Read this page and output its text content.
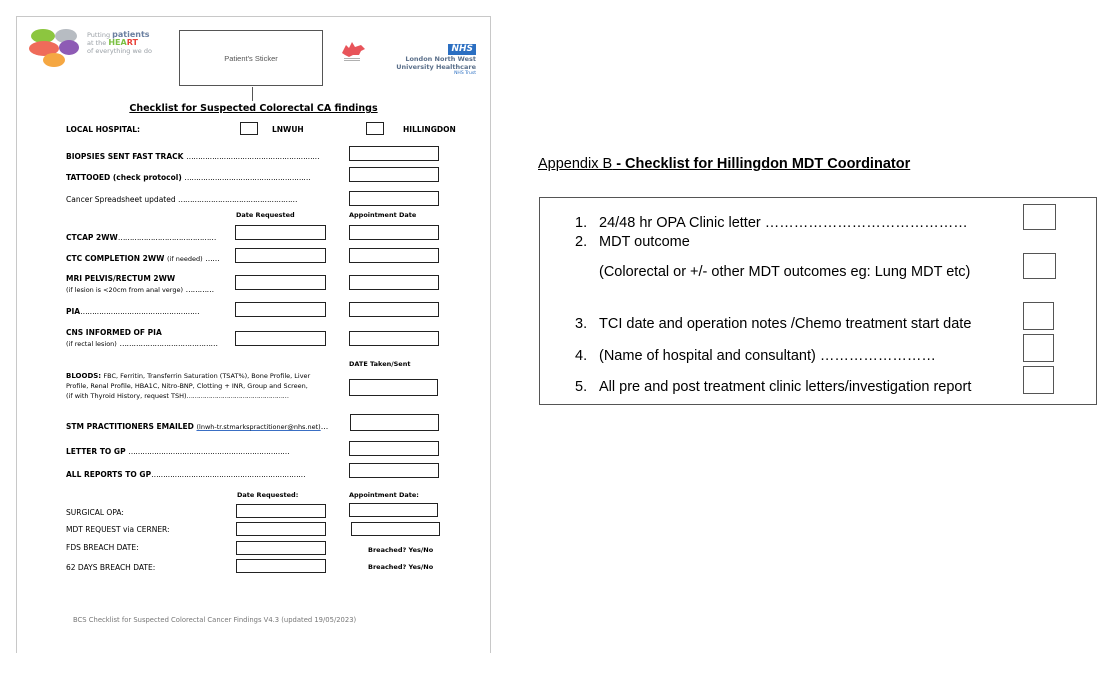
Putting patients
at the HEART
of everything we do
Patient's Sticker
NHS
London North West
University Healthcare
NHS Trust
Checklist for Suspected Colorectal CA findings
LOCAL HOSPITAL:	LNWUH	HILLINGDON
BIOPSIES SENT FAST TRACK …………………………………………………
TATTOOED (check protocol) ………………………………………………
Cancer Spreadsheet updated ……………………………………………
Date Requested	Appointment Date
CTCAP 2WW……………………………………
CTC COMPLETION 2WW (if needed) ……
MRI PELVIS/RECTUM 2WW
(if lesion is <20cm from anal verge) …………
PIA……………………………………………
CNS INFORMED OF PIA
(if rectal lesion) ……………………………………
DATE Taken/Sent
BLOODS: FBC, Ferritin, Transferrin Saturation (TSAT%), Bone Profile, Liver
Profile, Renal Profile, HBA1C, Nitro-BNP, Clotting + INR, Group and Screen,
(if with Thyroid History, request TSH)……………………………………………
STM PRACTITIONERS EMAILED (lnwh-tr.stmarkspractitioner@nhs.net)…
LETTER TO GP ……………………………………………………………
ALL REPORTS TO GP…………………………………………………………
Date Requested:	Appointment Date:
SURGICAL OPA:
MDT REQUEST via CERNER:
FDS BREACH DATE:	Breached? Yes/No
62 DAYS BREACH DATE:	Breached? Yes/No
BCS Checklist for Suspected Colorectal Cancer Findings V4.3 (updated 19/05/2023)
Appendix B - Checklist for Hillingdon MDT Coordinator
1. 24/48 hr OPA Clinic letter ……………………………………
2. MDT outcome
(Colorectal or +/- other MDT outcomes eg: Lung MDT etc)
3. TCI date and operation notes /Chemo treatment start date
4. (Name of hospital and consultant) ……………………
5. All pre and post treatment clinic letters/investigation report
